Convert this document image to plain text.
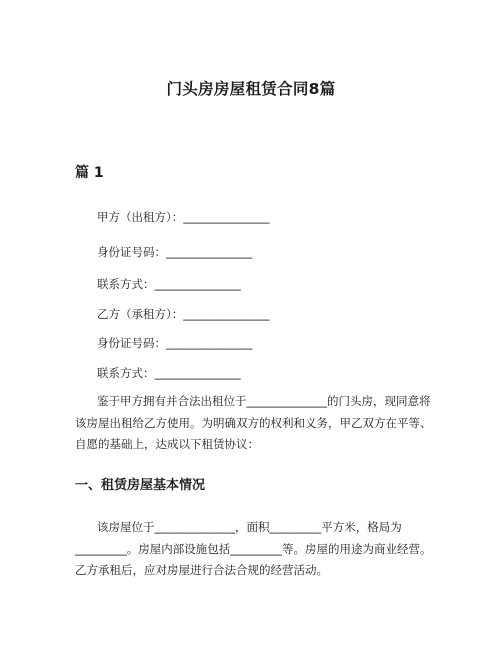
门头房房屋租赁合同8篇
篇 1
甲方（出租方）：_______________
身份证号码：_______________
联系方式：_______________
乙方（承租方）：_______________
身份证号码：_______________
联系方式：_______________
鉴于甲方拥有并合法出租位于______________的门头房，现同意将该房屋出租给乙方使用。为明确双方的权利和义务，甲乙双方在平等、自愿的基础上，达成以下租赁协议：
一、租赁房屋基本情况
该房屋位于______________，面积_________平方米，格局为_________。房屋内部设施包括_________等。房屋的用途为商业经营。乙方承租后，应对房屋进行合法合规的经营活动。
